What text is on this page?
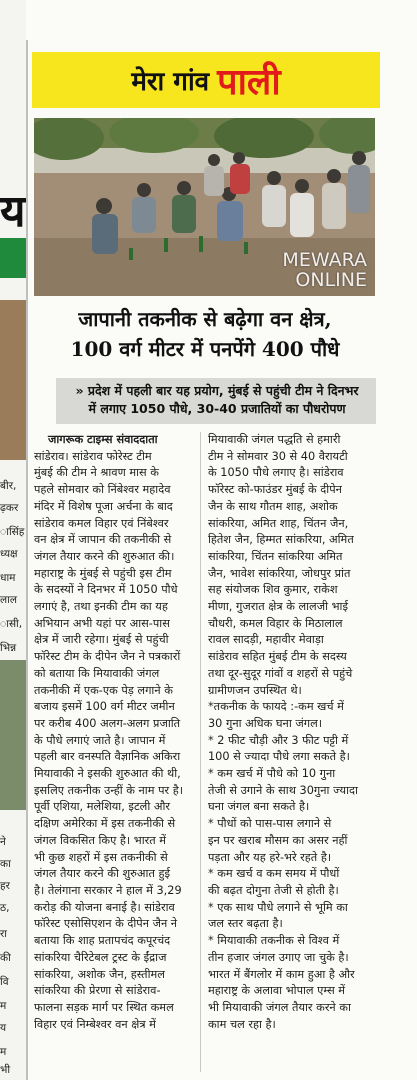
य
बीर,
ढ़कर
ासिंह
ध्यक्ष
धाम
लाल
ासी,
भिन्न
ने
का
हर
ठ,
रा
की
वि
म
य
म
भी
मेरा गांव पाली
MEWARA
ONLINE
जापानी तकनीक से बढ़ेगा वन क्षेत्र,
100 वर्ग मीटर में पनपेंगे 400 पौधे
» प्रदेश में पहली बार यह प्रयोग, मुंबई से पहुंची टीम ने दिनभर
में लगाए 1050 पौधे, 30-40 प्रजातियों का पौधरोपण
जागरूक टाइम्स संवाददाता
सांडेराव। सांडेराव फोरेस्ट टीम
मुंबई की टीम ने श्रावण मास के
पहले सोमवार को निंबेश्वर महादेव
मंदिर में विशेष पूजा अर्चना के बाद
सांडेराव कमल विहार एवं निंबेश्वर
वन क्षेत्र में जापान की तकनीकी से
जंगल तैयार करने की शुरुआत की।
महाराष्ट्र के मुंबई से पहुंची इस टीम
के सदस्यों ने दिनभर में 1050 पौधे
लगाएं है, तथा इनकी टीम का यह
अभियान अभी यहां पर आस-पास
क्षेत्र में जारी रहेगा। मुंबई से पहुंची
फॉरेस्ट टीम के दीपेन जैन ने पत्रकारों
को बताया कि मियावाकी जंगल
तकनीकी में एक-एक पेड़ लगाने के
बजाय इसमें 100 वर्ग मीटर जमीन
पर करीब 400 अलग-अलग प्रजाति
के पौधे लगाएं जाते है। जापान में
पहली बार वनस्पति वैज्ञानिक अकिरा
मियावाकी ने इसकी शुरुआत की थी,
इसलिए तकनीक उन्हीं के नाम पर है।
पूर्वी एशिया, मलेशिया, इटली और
दक्षिण अमेरिका में इस तकनीकी से
जंगल विकसित किए है। भारत में
भी कुछ शहरों में इस तकनीकी से
जंगल तैयार करने की शुरुआत हुई
है। तेलंगाना सरकार ने हाल में 3,29
करोड़ की योजना बनाई है। सांडेराव
फॉरेस्ट एसोसिएशन के दीपेन जैन ने
बताया कि शाह प्रतापचंद कपूरचंद
सांकरिया चैरिटेबल ट्रस्ट के ईंद्राज
सांकरिया, अशोक जैन, हस्तीमल
सांकरिया की प्रेरणा से सांडेराव-
फालना सड़क मार्ग पर स्थित कमल
विहार एवं निम्बेश्वर वन क्षेत्र में
मियावाकी जंगल पद्धति से हमारी
टीम ने सोमवार 30 से 40 वैरायटी
के 1050 पौधे लगाए है। सांडेराव
फॉरेस्ट को-फाउंडर मुंबई के दीपेन
जैन के साथ गौतम शाह, अशोक
सांकरिया, अमित शाह, चिंतन जैन,
हितेश जैन, हिम्मत सांकरिया, अमित
सांकरिया, चिंतन सांकरिया अमित
जैन, भावेश सांकरिया, जोधपुर प्रांत
सह संयोजक शिव कुमार, राकेश
मीणा, गुजरात क्षेत्र के लालजी भाई
चौधरी, कमल विहार के मिठालाल
रावल सादड़ी, महावीर मेवाड़ा
सांडेराव सहित मुंबई टीम के सदस्य
तथा दूर-सुदूर गांवों व शहरों से पहुंचे
ग्रामीणजन उपस्थित थे।
*तकनीक के फायदे :-कम खर्च में
30 गुना अधिक घना जंगल।
* 2 फीट चौड़ी और 3 फीट पट्टी में
100 से ज्यादा पौधे लगा सकते है।
* कम खर्च में पौधे को 10 गुना
तेजी से उगाने के साथ 30गुना ज्यादा
घना जंगल बना सकते है।
* पौधों को पास-पास लगाने से
इन पर खराब मौसम का असर नहीं
पड़ता और यह हरे-भरे रहते है।
* कम खर्च व कम समय में पौधों
की बढ़त दोगुना तेजी से होती है।
* एक साथ पौधे लगाने से भूमि का
जल स्तर बढ़ता है।
* मियावाकी तकनीक से विश्व में
तीन हजार जंगल उगाए जा चुके है।
भारत में बैंगलोर में काम हुआ है और
महाराष्ट्र के अलावा भोपाल एम्स में
भी मियावाकी जंगल तैयार करने का
काम चल रहा है।
